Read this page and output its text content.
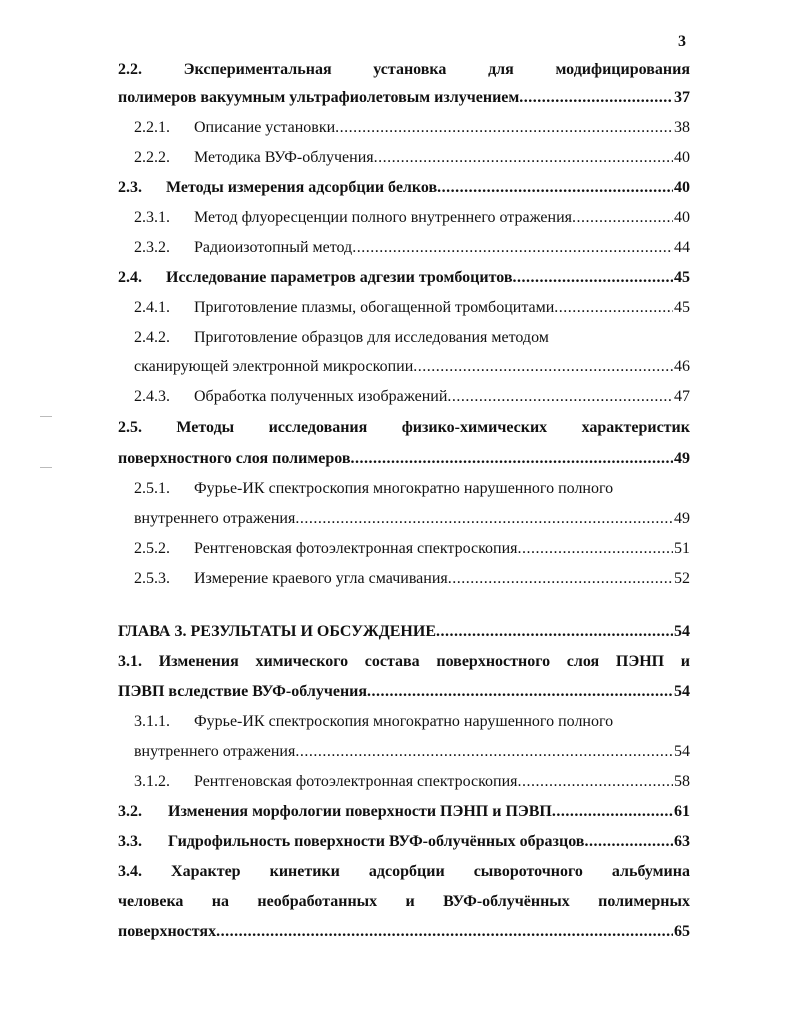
3
2.2.	Экспериментальная	установка	для	модифицирования
полимеров вакуумным ультрафиолетовым излучением .....	37
2.2.1. Описание установки .....	38
2.2.2. Методика ВУФ-облучения .....	40
2.3. Методы измерения адсорбции белков .....	40
2.3.1. Метод флуоресценции полного внутреннего отражения .....	40
2.3.2. Радиоизотопный метод .....	44
2.4. Исследование параметров адгезии тромбоцитов .....	45
2.4.1. Приготовление плазмы, обогащенной тромбоцитами .....	45
2.4.2. Приготовление образцов для исследования методом
сканирующей электронной микроскопии .....	46
2.4.3. Обработка полученных изображений .....	47
2.5. Методы исследования физико-химических характеристик
поверхностного слоя полимеров .....	49
2.5.1. Фурье-ИК спектроскопия многократно нарушенного полного
внутреннего отражения .....	49
2.5.2. Рентгеновская фотоэлектронная спектроскопия .....	51
2.5.3. Измерение краевого угла смачивания .....	52
ГЛАВА 3. РЕЗУЛЬТАТЫ И ОБСУЖДЕНИЕ .....	54
3.1. Изменения химического состава поверхностного слоя ПЭНП и
ПЭВП вследствие ВУФ-облучения .....	54
3.1.1. Фурье-ИК спектроскопия многократно нарушенного полного
внутреннего отражения .....	54
3.1.2. Рентгеновская фотоэлектронная спектроскопия .....	58
3.2. Изменения морфологии поверхности ПЭНП и ПЭВП .....	61
3.3. Гидрофильность поверхности ВУФ-облучённых образцов .....	63
3.4. Характер кинетики адсорбции сывороточного альбумина
человека на необработанных и ВУФ-облучённых полимерных
поверхностях .....	65
